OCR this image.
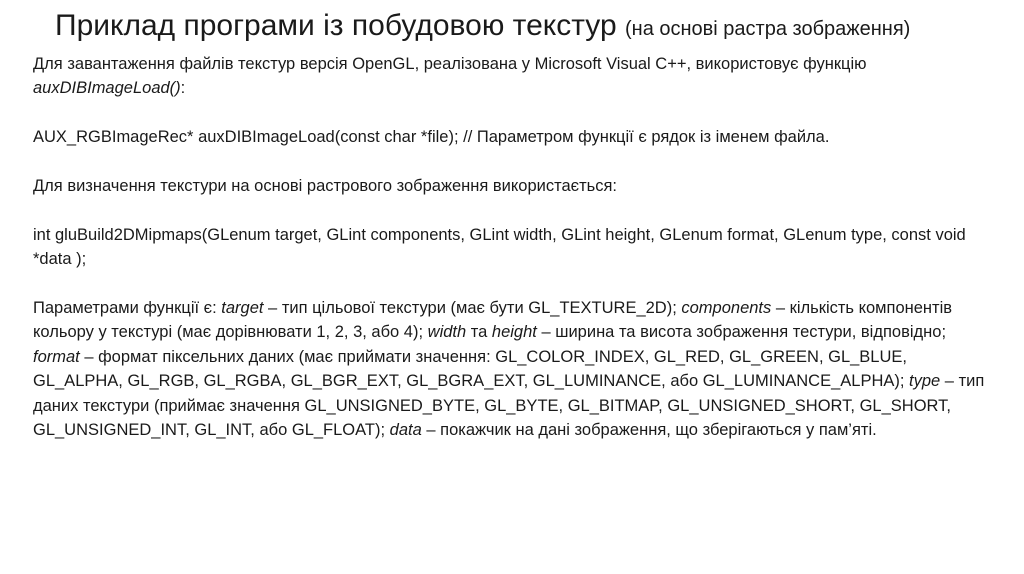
Приклад програми із побудовою текстур (на основі растра зображення)

Для завантаження файлів текстур версія OpenGL, реалізована у Microsoft Visual C++, використовує функцію auxDIBImageLoad():

AUX_RGBImageRec* auxDIBImageLoad(const char *file); // Параметром функції є рядок із іменем файла.

Для визначення текстури на основі растрового зображення використається:

int gluBuild2DMipmaps(GLenum target, GLint components, GLint width, GLint height, GLenum format, GLenum type, const void *data );

Параметрами функції є: target – тип цільової текстури (має бути GL_TEXTURE_2D); components – кількість компонентів кольору у текстурі (має дорівнювати 1, 2, 3, або 4); width та height – ширина та висота зображення тестури, відповідно; format – формат піксельних даних (має приймати значення: GL_COLOR_INDEX, GL_RED, GL_GREEN, GL_BLUE, GL_ALPHA, GL_RGB, GL_RGBA, GL_BGR_EXT, GL_BGRA_EXT, GL_LUMINANCE, або GL_LUMINANCE_ALPHA); type – тип даних текстури (приймає значення GL_UNSIGNED_BYTE, GL_BYTE, GL_BITMAP, GL_UNSIGNED_SHORT, GL_SHORT, GL_UNSIGNED_INT, GL_INT, або GL_FLOAT); data – покажчик на дані зображення, що зберігаються у пам’яті.
